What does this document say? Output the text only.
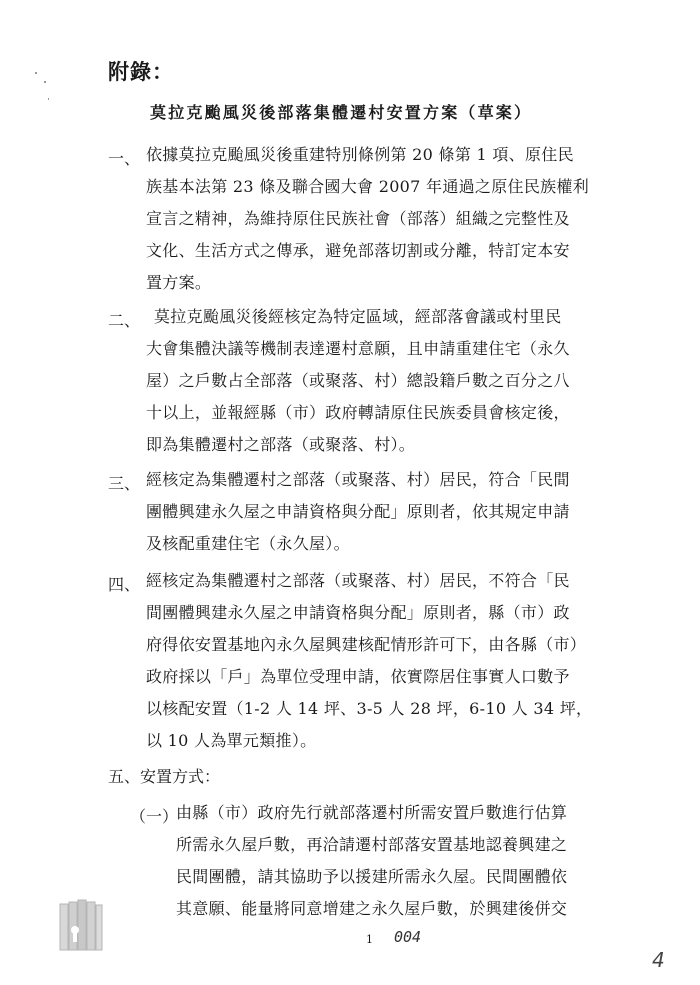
附錄：
莫拉克颱風災後部落集體遷村安置方案（草案）
一、 依據莫拉克颱風災後重建特別條例第 20 條第 1 項、原住民
族基本法第 23 條及聯合國大會 2007 年通過之原住民族權利
宣言之精神，為維持原住民族社會（部落）組織之完整性及
文化、生活方式之傳承，避免部落切割或分離，特訂定本安
置方案。
二、 莫拉克颱風災後經核定為特定區域，經部落會議或村里民
大會集體決議等機制表達遷村意願，且申請重建住宅（永久
屋）之戶數占全部落（或聚落、村）總設籍戶數之百分之八
十以上，並報經縣（市）政府轉請原住民族委員會核定後，
即為集體遷村之部落（或聚落、村）。
三、 經核定為集體遷村之部落（或聚落、村）居民，符合「民間
團體興建永久屋之申請資格與分配」原則者，依其規定申請
及核配重建住宅（永久屋）。
四、 經核定為集體遷村之部落（或聚落、村）居民，不符合「民
間團體興建永久屋之申請資格與分配」原則者，縣（市）政
府得依安置基地內永久屋興建核配情形許可下，由各縣（市）
政府採以「戶」為單位受理申請，依實際居住事實人口數予
以核配安置（1-2 人 14 坪、3-5 人 28 坪，6-10 人 34 坪，
以 10 人為單元類推）。
五、安置方式：
（一）
由縣（市）政府先行就部落遷村所需安置戶數進行估算
所需永久屋戶數，再洽請遷村部落安置基地認養興建之
民間團體，請其協助予以援建所需永久屋。民間團體依
其意願、能量將同意增建之永久屋戶數，於興建後併交
1 004
4
